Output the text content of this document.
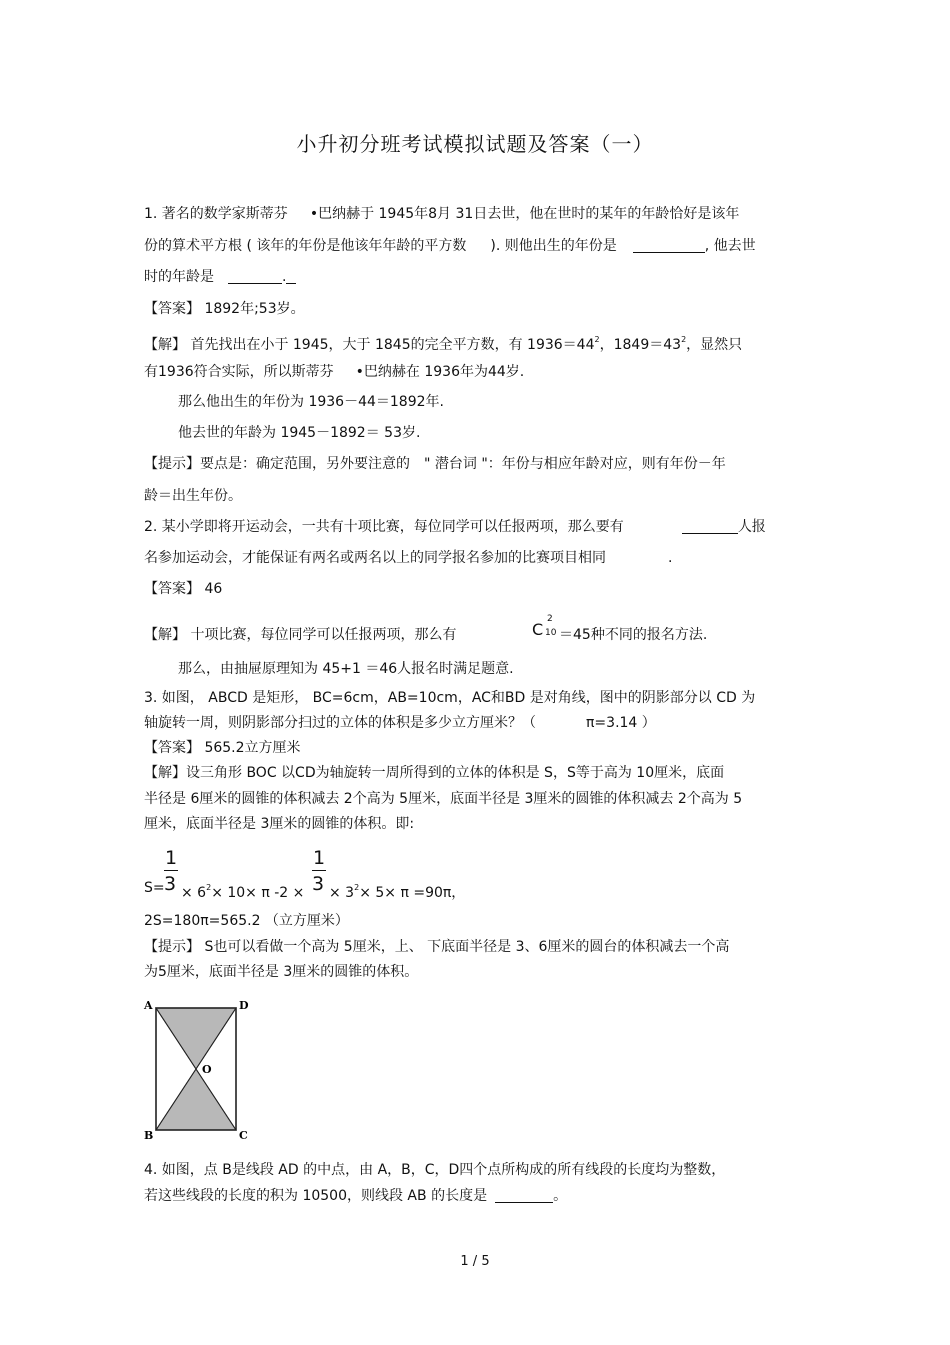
小升初分班考试模拟试题及答案（一）
1. 著名的数学家斯蒂芬 •巴纳赫于 1945年8月 31日去世，他在世时的某年的年龄恰好是该年
份的算术平方根 ( 该年的年份是他该年年龄的平方数 ). 则他出生的年份是	, 他去世
时的年龄是	.
【答案】 1892年;53岁。
【解】 首先找出在小于 1945，大于 1845的完全平方数，有 $1936=44^2$，$1849=43^2$，显然只
有1936符合实际，所以斯蒂芬 •巴纳赫在 1936年为44岁.
那么他出生的年份为 1936－44＝1892年.
他去世的年龄为 1945－1892＝ 53岁.
【提示】要点是：确定范围，另外要注意的 " 潜台词 "：年份与相应年龄对应，则有年份－年
龄＝出生年份。
2. 某小学即将开运动会，一共有十项比赛，每位同学可以任报两项，那么要有	人报
名参加运动会，才能保证有两名或两名以上的同学报名参加的比赛项目相同	.
【答案】 46
【解】 十项比赛，每位同学可以任报两项，那么有	C
2
10 ＝45种不同的报名方法.
那么，由抽屉原理知为 45+1 ＝46人报名时满足题意.
3. 如图， ABCD 是矩形， BC=6cm，AB=10cm，AC和BD 是对角线，图中的阴影部分以 CD 为
轴旋转一周，则阴影部分扫过的立体的体积是多少立方厘米？（	π=3.14 ）
【答案】 565.2立方厘米
【解】设三角形 BOC 以CD为轴旋转一周所得到的立体的体积是 S，S等于高为 10厘米，底面
半径是 6厘米的圆锥的体积减去 2个高为 5厘米，底面半径是 3厘米的圆锥的体积减去 2个高为 5
厘米，底面半径是 3厘米的圆锥的体积。即:
1
3
1
3
$S= \times 6^2\times 10\times \pi$ -2 × × $3^2\times 5\times \pi =90\pi$，
2S=180π=565.2 （立方厘米）
【提示】 S也可以看做一个高为 5厘米，上、 下底面半径是 3、6厘米的圆台的体积减去一个高
为5厘米，底面半径是 3厘米的圆锥的体积。
A	D
O
B	C
4. 如图，点 B是线段 AD 的中点，由 A，B，C，D四个点所构成的所有线段的长度均为整数，
若这些线段的长度的积为 10500，则线段 AB 的长度是	。
1 / 5
